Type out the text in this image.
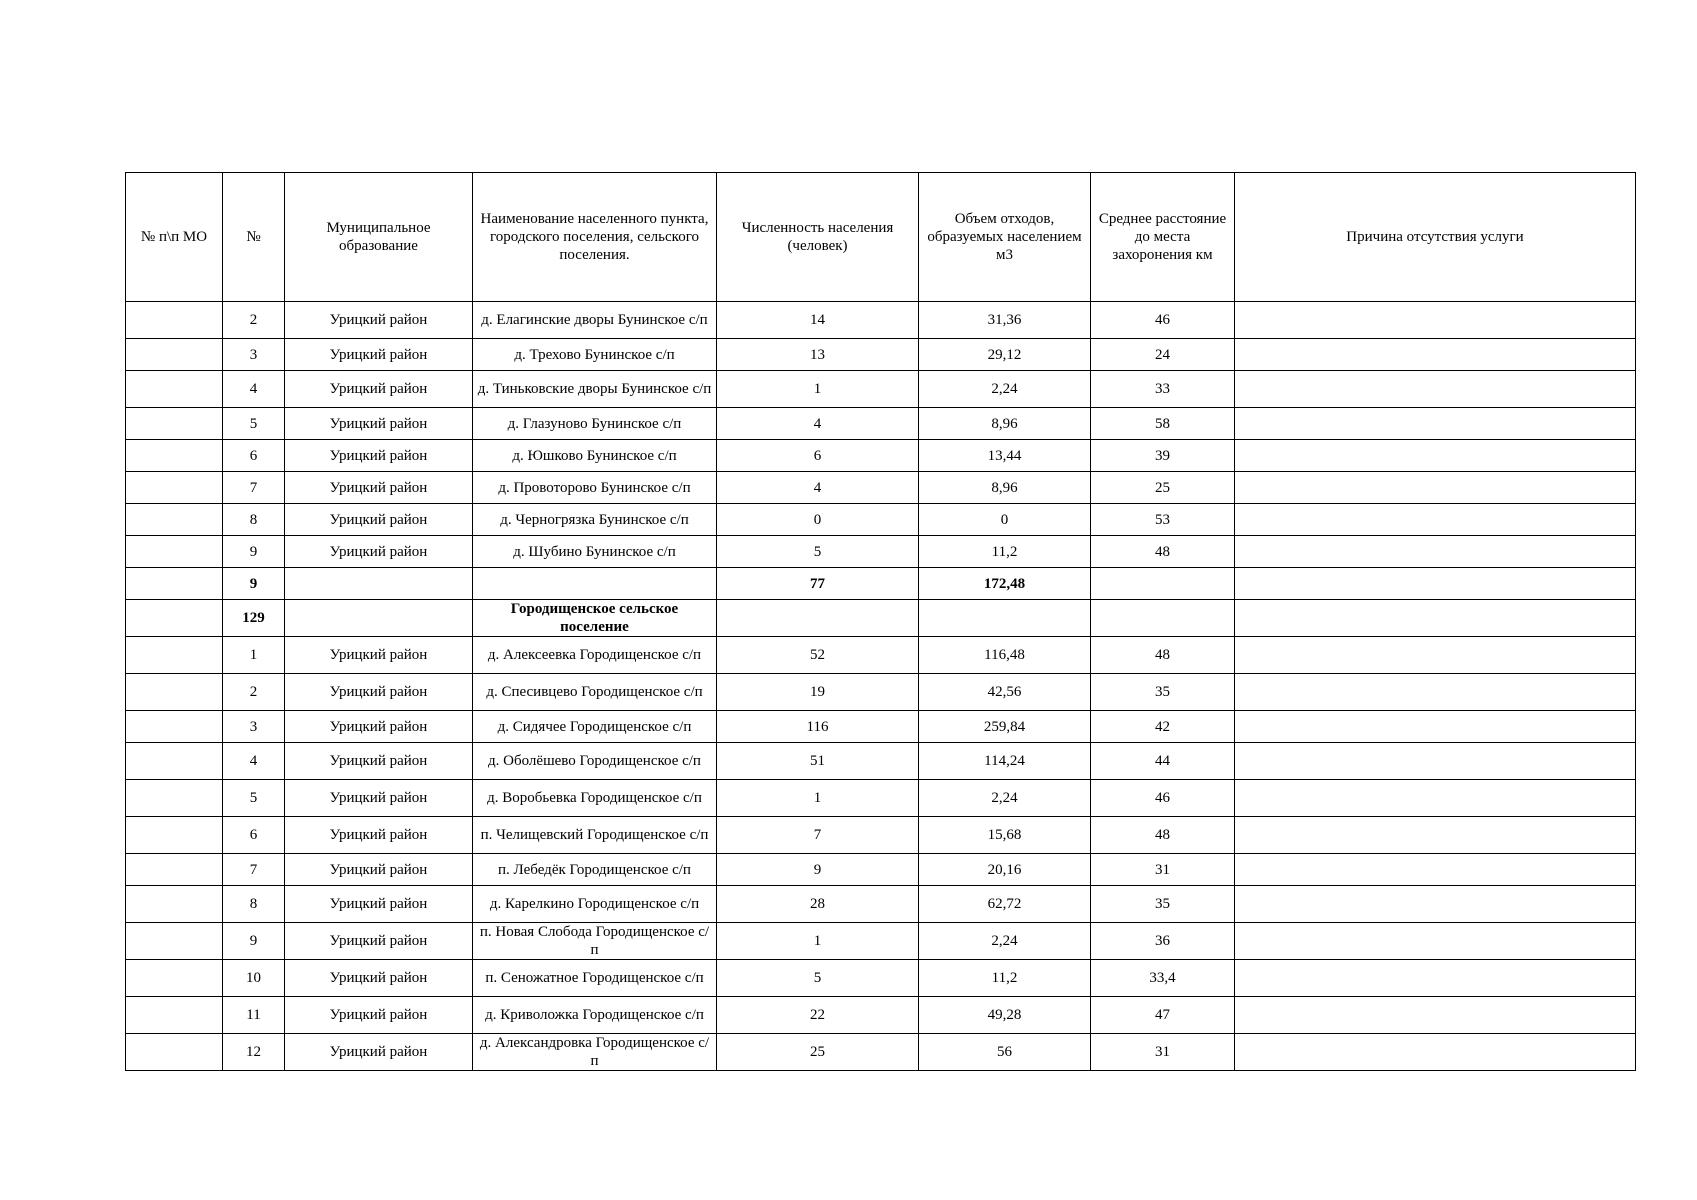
№ п\п МО	№	Муниципальное образование	Наименование населенного пункта, городского поселения, сельского поселения.	Численность населения (человек)	Объем отходов, образуемых населением м3	Среднее расстояние до места захоронения км	Причина отсутствия услуги
	2	Урицкий район	д. Елагинские дворы Бунинское с/п	14	31,36	46	
	3	Урицкий район	д. Трехово Бунинское с/п	13	29,12	24	
	4	Урицкий район	д. Тиньковские дворы Бунинское с/п	1	2,24	33	
	5	Урицкий район	д. Глазуново Бунинское с/п	4	8,96	58	
	6	Урицкий район	д. Юшково Бунинское с/п	6	13,44	39	
	7	Урицкий район	д. Провоторово Бунинское с/п	4	8,96	25	
	8	Урицкий район	д. Черногрязка Бунинское с/п	0	0	53	
	9	Урицкий район	д. Шубино Бунинское с/п	5	11,2	48	
	9			77	172,48		
	129		Городищенское сельское поселение				
	1	Урицкий район	д. Алексеевка Городищенское с/п	52	116,48	48	
	2	Урицкий район	д. Спесивцево Городищенское с/п	19	42,56	35	
	3	Урицкий район	д. Сидячее Городищенское с/п	116	259,84	42	
	4	Урицкий район	д. Оболёшево Городищенское с/п	51	114,24	44	
	5	Урицкий район	д. Воробьевка Городищенское с/п	1	2,24	46	
	6	Урицкий район	п. Челищевский Городищенское с/п	7	15,68	48	
	7	Урицкий район	п. Лебедёк Городищенское с/п	9	20,16	31	
	8	Урицкий район	д. Карелкино Городищенское с/п	28	62,72	35	
	9	Урицкий район	п. Новая Слобода Городищенское с/п	1	2,24	36	
	10	Урицкий район	п. Сеножатное Городищенское с/п	5	11,2	33,4	
	11	Урицкий район	д. Криволожка Городищенское с/п	22	49,28	47	
	12	Урицкий район	д. Александровка Городищенское с/п	25	56	31	
